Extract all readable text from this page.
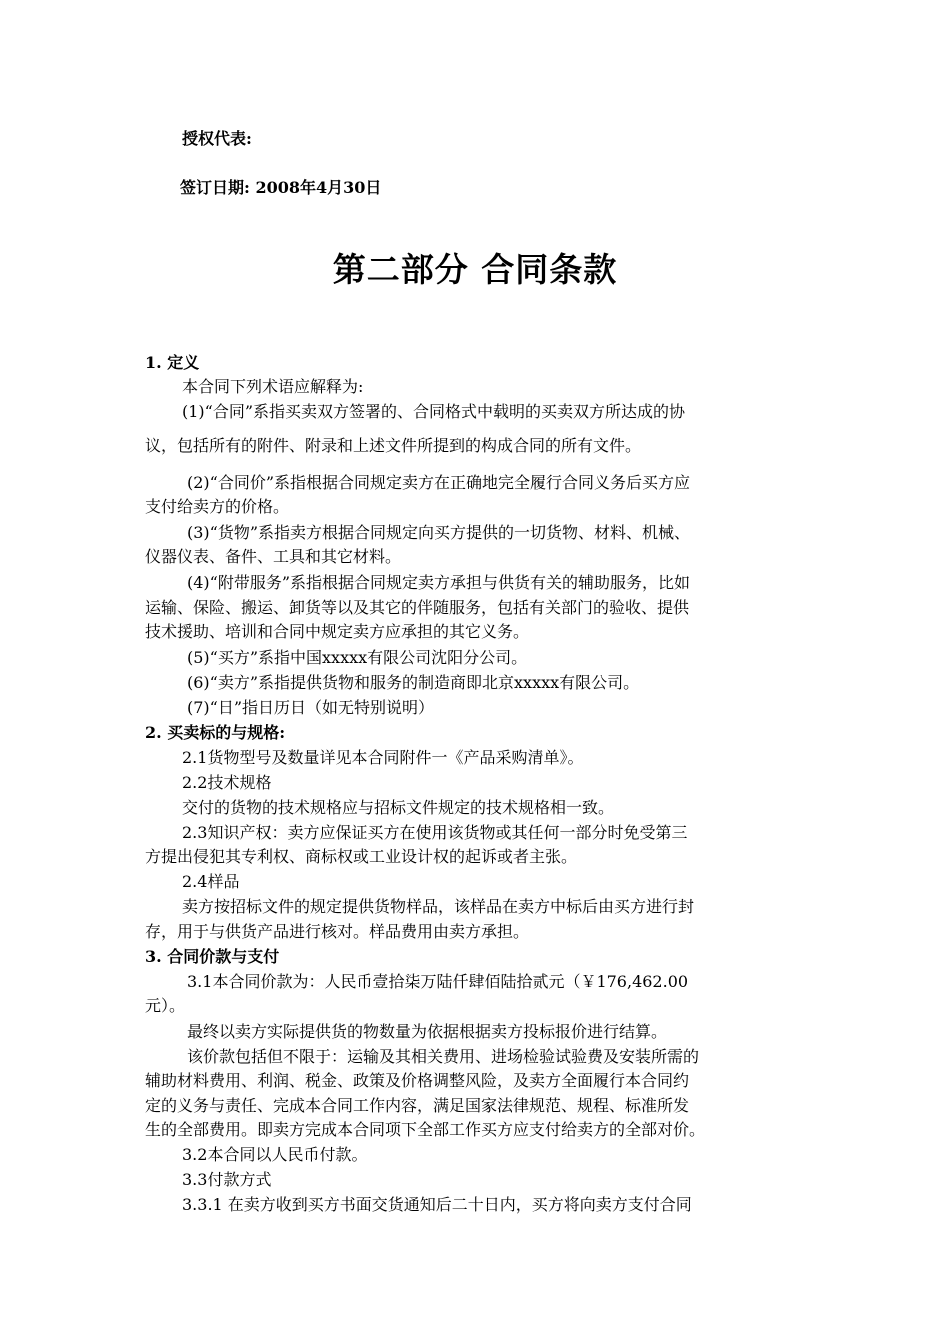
授权代表:
签订日期: 2008年4月30日
第二部分 合同条款
1. 定义
本合同下列术语应解释为:
(1)“合同”系指买卖双方签署的、合同格式中载明的买卖双方所达成的协
议，包括所有的附件、附录和上述文件所提到的构成合同的所有文件。
(2)“合同价”系指根据合同规定卖方在正确地完全履行合同义务后买方应
支付给卖方的价格。
(3)“货物”系指卖方根据合同规定向买方提供的一切货物、材料、机械、
仪器仪表、备件、工具和其它材料。
(4)“附带服务”系指根据合同规定卖方承担与供货有关的辅助服务，比如
运输、保险、搬运、卸货等以及其它的伴随服务，包括有关部门的验收、提供
技术援助、培训和合同中规定卖方应承担的其它义务。
(5)“买方”系指中国xxxxx有限公司沈阳分公司。
(6)“卖方”系指提供货物和服务的制造商即北京xxxxx有限公司。
(7)“日”指日历日（如无特别说明）
2. 买卖标的与规格:
2.1货物型号及数量详见本合同附件一《产品采购清单》。
2.2技术规格
交付的货物的技术规格应与招标文件规定的技术规格相一致。
2.3知识产权：卖方应保证买方在使用该货物或其任何一部分时免受第三
方提出侵犯其专利权、商标权或工业设计权的起诉或者主张。
2.4样品
卖方按招标文件的规定提供货物样品，该样品在卖方中标后由买方进行封
存，用于与供货产品进行核对。样品费用由卖方承担。
3. 合同价款与支付
3.1本合同价款为：人民币壹拾柒万陆仟肆佰陆拾贰元（￥176,462.00
元）。
最终以卖方实际提供货的物数量为依据根据卖方投标报价进行结算。
该价款包括但不限于：运输及其相关费用、进场检验试验费及安装所需的
辅助材料费用、利润、税金、政策及价格调整风险，及卖方全面履行本合同约
定的义务与责任、完成本合同工作内容，满足国家法律规范、规程、标准所发
生的全部费用。即卖方完成本合同项下全部工作买方应支付给卖方的全部对价。
3.2本合同以人民币付款。
3.3付款方式
3.3.1 在卖方收到买方书面交货通知后二十日内，买方将向卖方支付合同
